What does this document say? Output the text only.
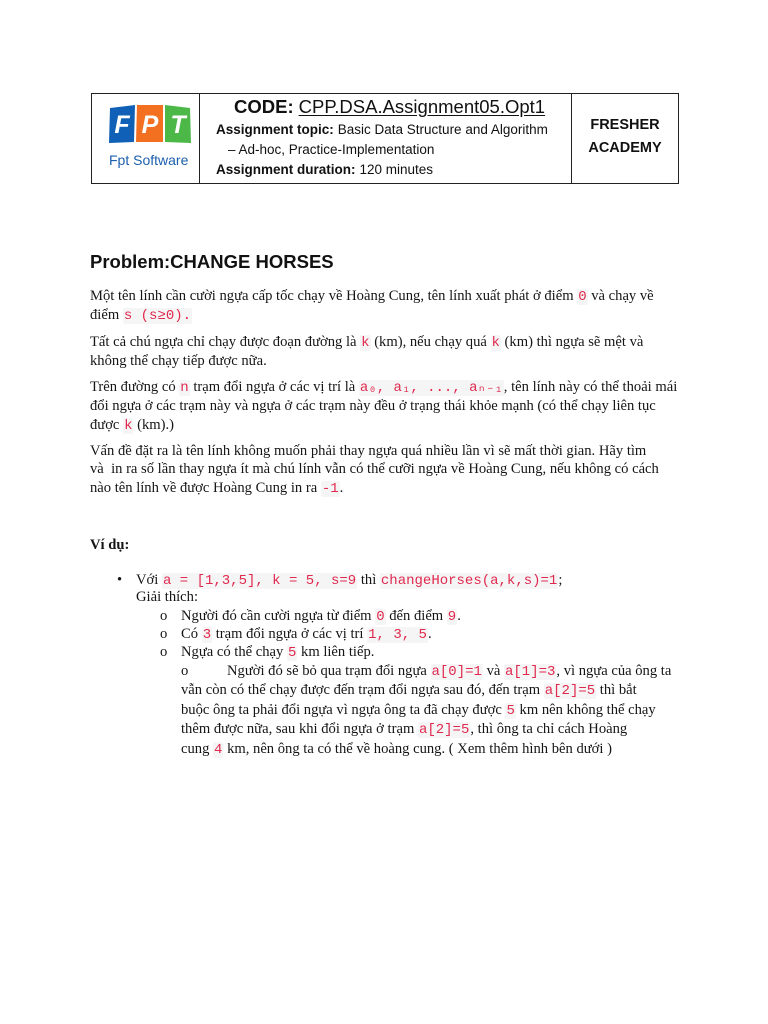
F P T
Fpt Software
CODE: CPP.DSA.Assignment05.Opt1
Assignment topic: Basic Data Structure and Algorithm
– Ad-hoc, Practice-Implementation
Assignment duration: 120 minutes
FRESHER
ACADEMY
Problem:CHANGE HORSES
Một tên lính cần cười ngựa cấp tốc chạy về Hoàng Cung, tên lính xuất phát ở điểm 0 và chạy về
điểm s (s≥0).
Tất cả chú ngựa chỉ chạy được đoạn đường là k (km), nếu chạy quá k (km) thì ngựa sẽ mệt và
không thể chạy tiếp được nữa.
Trên đường có n trạm đổi ngựa ở các vị trí là a₀, a₁, ..., aₙ₋₁, tên lính này có thể thoải mái
đổi ngựa ở các trạm này và ngựa ở các trạm này đều ở trạng thái khỏe mạnh (có thể chạy liên tục
được k (km).)
Vấn đề đặt ra là tên lính không muốn phải thay ngựa quá nhiều lần vì sẽ mất thời gian. Hãy tìm
và  in ra số lần thay ngựa ít mà chú lính vẫn có thể cưỡi ngựa về Hoàng Cung, nếu không có cách
nào tên lính về được Hoàng Cung in ra -1.
Ví dụ:
• Với a = [1,3,5], k = 5, s=9 thì changeHorses(a,k,s)=1;
Giải thích:
o Người đó cần cười ngựa từ điểm 0 đến điểm 9.
o Có 3 trạm đổi ngựa ở các vị trí 1, 3, 5.
o Ngựa có thể chạy 5 km liên tiếp.
o	Người đó sẽ bỏ qua trạm đổi ngựa a[0]=1 và a[1]=3, vì ngựa của ông ta
vẫn còn có thể chạy được đến trạm đổi ngựa sau đó, đến trạm a[2]=5 thì bắt
buộc ông ta phải đổi ngựa vì ngựa ông ta đã chạy được 5 km nên không thể chạy
thêm được nữa, sau khi đổi ngựa ở trạm a[2]=5, thì ông ta chỉ cách Hoàng
cung 4 km, nên ông ta có thể về hoàng cung. ( Xem thêm hình bên dưới )
